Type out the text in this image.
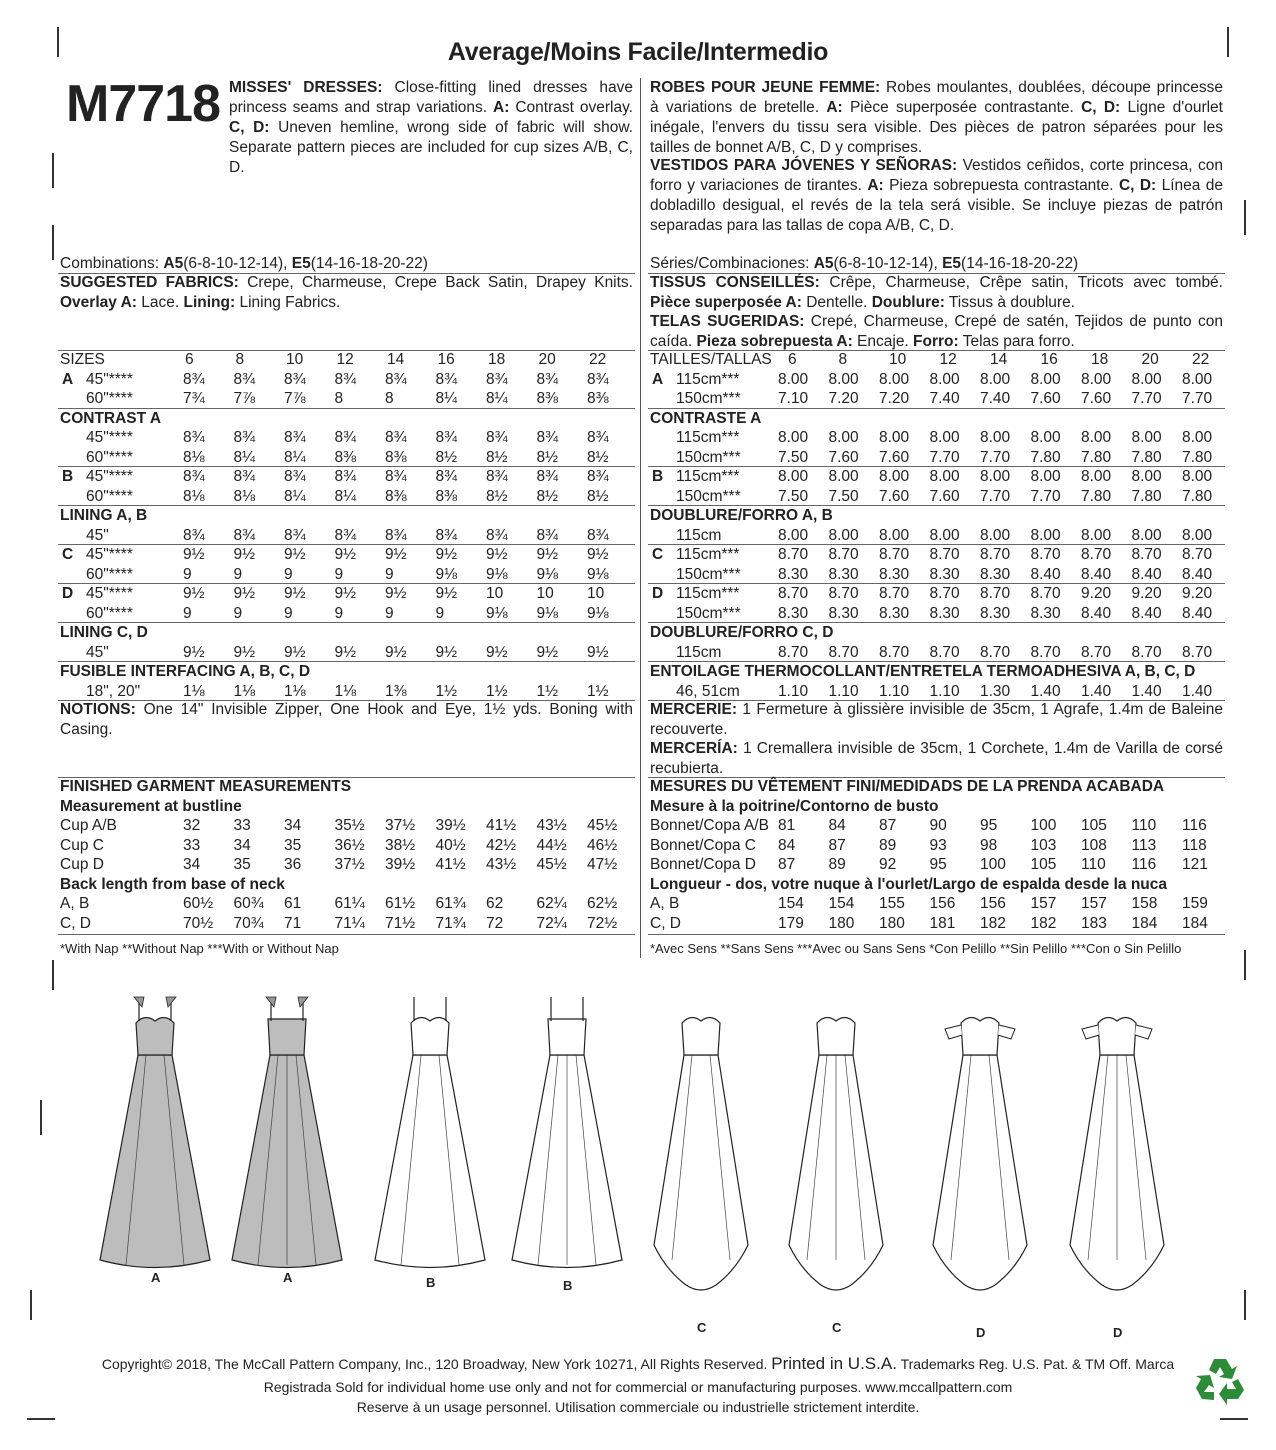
Average/Moins Facile/Intermedio
M7718 MISSES' DRESSES: Close-fitting lined dresses have princess seams and strap variations. A: Contrast overlay. C, D: Uneven hemline, wrong side of fabric will show. Separate pattern pieces are included for cup sizes A/B, C, D.
ROBES POUR JEUNE FEMME: Robes moulantes, doublées, découpe princesse à variations de bretelle. A: Pièce superposée contrastante. C, D: Ligne d'ourlet inégale, l'envers du tissu sera visible. Des pièces de patron séparées pour les tailles de bonnet A/B, C, D y comprises.
VESTIDOS PARA JÓVENES Y SEÑORAS: Vestidos ceñidos, corte princesa, con forro y variaciones de tirantes. A: Pieza sobrepuesta contrastante. C, D: Línea de dobladillo desigual, el revés de la tela será visible. Se incluye piezas de patrón separadas para las tallas de copa A/B, C, D.
Combinations: A5(6-8-10-12-14), E5(14-16-18-20-22)	Séries/Combinaciones: A5(6-8-10-12-14), E5(14-16-18-20-22)
SUGGESTED FABRICS: Crepe, Charmeuse, Crepe Back Satin, Drapey Knits. Overlay A: Lace. Lining: Lining Fabrics.
TISSUS CONSEILLÉS: Crêpe, Charmeuse, Crêpe satin, Tricots avec tombé. Pièce superposée A: Dentelle. Doublure: Tissus à doublure.
TELAS SUGERIDAS: Crepé, Charmeuse, Crepé de satén, Tejidos de punto con caída. Pieza sobrepuesta A: Encaje. Forro: Telas para forro.
SIZES	6	8	10 12 14 16 18 20 22
A 45"****	8¾ 8¾ 8¾ 8¾ 8¾ 8¾ 8¾ 8¾ 8¾
60"****	7¾ 7⅞ 7⅞ 8	8	8¼ 8¼ 8⅜ 8⅜
CONTRAST A
45"****	8¾ 8¾ 8¾ 8¾ 8¾ 8¾ 8¾ 8¾ 8¾
60"****	8⅛ 8¼ 8¼ 8⅜ 8⅜ 8½ 8½ 8½ 8½
B 45"****	8¾ 8¾ 8¾ 8¾ 8¾ 8¾ 8¾ 8¾ 8¾
60"****	8⅛ 8⅛ 8¼ 8¼ 8⅜ 8⅜ 8½ 8½ 8½
LINING A, B
45"	8¾ 8¾ 8¾ 8¾ 8¾ 8¾ 8¾ 8¾ 8¾
C 45"****	9½ 9½ 9½ 9½ 9½ 9½ 9½ 9½ 9½
60"****	9	9	9	9	9	9⅛ 9⅛ 9⅛ 9⅛
D 45"****	9½ 9½ 9½ 9½ 9½ 9½ 10 10 10
60"****	9	9	9	9	9	9	9⅛ 9⅛ 9⅛
LINING C, D
45"	9½ 9½ 9½ 9½ 9½ 9½ 9½ 9½ 9½
FUSIBLE INTERFACING A, B, C, D
18", 20"	1⅛ 1⅛ 1⅛ 1⅛ 1⅜ 1½ 1½ 1½ 1½
TAILLES/TALLAS 6	8	10 12 14 16 18 20 22
A 115cm*** 8.00 8.00 8.00 8.00 8.00 8.00 8.00 8.00 8.00
150cm*** 7.10 7.20 7.20 7.40 7.40 7.60 7.60 7.70 7.70
CONTRASTE A
115cm*** 8.00 8.00 8.00 8.00 8.00 8.00 8.00 8.00 8.00
150cm*** 7.50 7.60 7.60 7.70 7.70 7.80 7.80 7.80 7.80
B 115cm*** 8.00 8.00 8.00 8.00 8.00 8.00 8.00 8.00 8.00
150cm*** 7.50 7.50 7.60 7.60 7.70 7.70 7.80 7.80 7.80
DOUBLURE/FORRO A, B
115cm	8.00 8.00 8.00 8.00 8.00 8.00 8.00 8.00 8.00
C 115cm*** 8.70 8.70 8.70 8.70 8.70 8.70 8.70 8.70 8.70
150cm*** 8.30 8.30 8.30 8.30 8.30 8.40 8.40 8.40 8.40
D 115cm*** 8.70 8.70 8.70 8.70 8.70 8.70 9.20 9.20 9.20
150cm*** 8.30 8.30 8.30 8.30 8.30 8.30 8.40 8.40 8.40
DOUBLURE/FORRO C, D
115cm	8.70 8.70 8.70 8.70 8.70 8.70 8.70 8.70 8.70
ENTOILAGE THERMOCOLLANT/ENTRETELA TERMOADHESIVA A, B, C, D
46, 51cm 1.10 1.10 1.10 1.10 1.30 1.40 1.40 1.40 1.40
NOTIONS: One 14" Invisible Zipper, One Hook and Eye, 1½ yds. Boning with Casing.
MERCERIE: 1 Fermeture à glissière invisible de 35cm, 1 Agrafe, 1.4m de Baleine recouverte.
MERCERÍA: 1 Cremallera invisible de 35cm, 1 Corchete, 1.4m de Varilla de corsé recubierta.
FINISHED GARMENT MEASUREMENTS
Measurement at bustline
Cup A/B	32 33 34 35½ 37½ 39½ 41½ 43½ 45½
Cup C	33 34 35 36½ 38½ 40½ 42½ 44½ 46½
Cup D	34 35 36 37½ 39½ 41½ 43½ 45½ 47½
Back length from base of neck
A, B	60½ 60¾ 61 61¼ 61½ 61¾ 62 62¼ 62½
C, D	70½ 70¾ 71 71¼ 71½ 71¾ 72 72¼ 72½
*With Nap **Without Nap ***With or Without Nap
MESURES DU VÊTEMENT FINI/MEDIDADS DE LA PRENDA ACABADA
Mesure à la poitrine/Contorno de busto
Bonnet/Copa A/B 81 84 87 90 95 100 105 110 116
Bonnet/Copa C 84 87 89 93 98 103 108 113 118
Bonnet/Copa D 87 89 92 95 100 105 110 116 121
Longueur - dos, votre nuque à l'ourlet/Largo de espalda desde la nuca
A, B	154 154 155 156 156 157 157 158 159
C, D	179 180 180 181 182 182 183 184 184
*Avec Sens **Sans Sens ***Avec ou Sans Sens *Con Pelillo **Sin Pelillo ***Con o Sin Pelillo
A	A	B	B
C	C	D	D
Copyright© 2018, The McCall Pattern Company, Inc., 120 Broadway, New York 10271, All Rights Reserved. Printed in U.S.A. Trademarks Reg. U.S. Pat. & TM Off. Marca
Registrada Sold for individual home use only and not for commercial or manufacturing purposes. www.mccallpattern.com
Reserve à un usage personnel. Utilisation commerciale ou industrielle strictement interdite.
